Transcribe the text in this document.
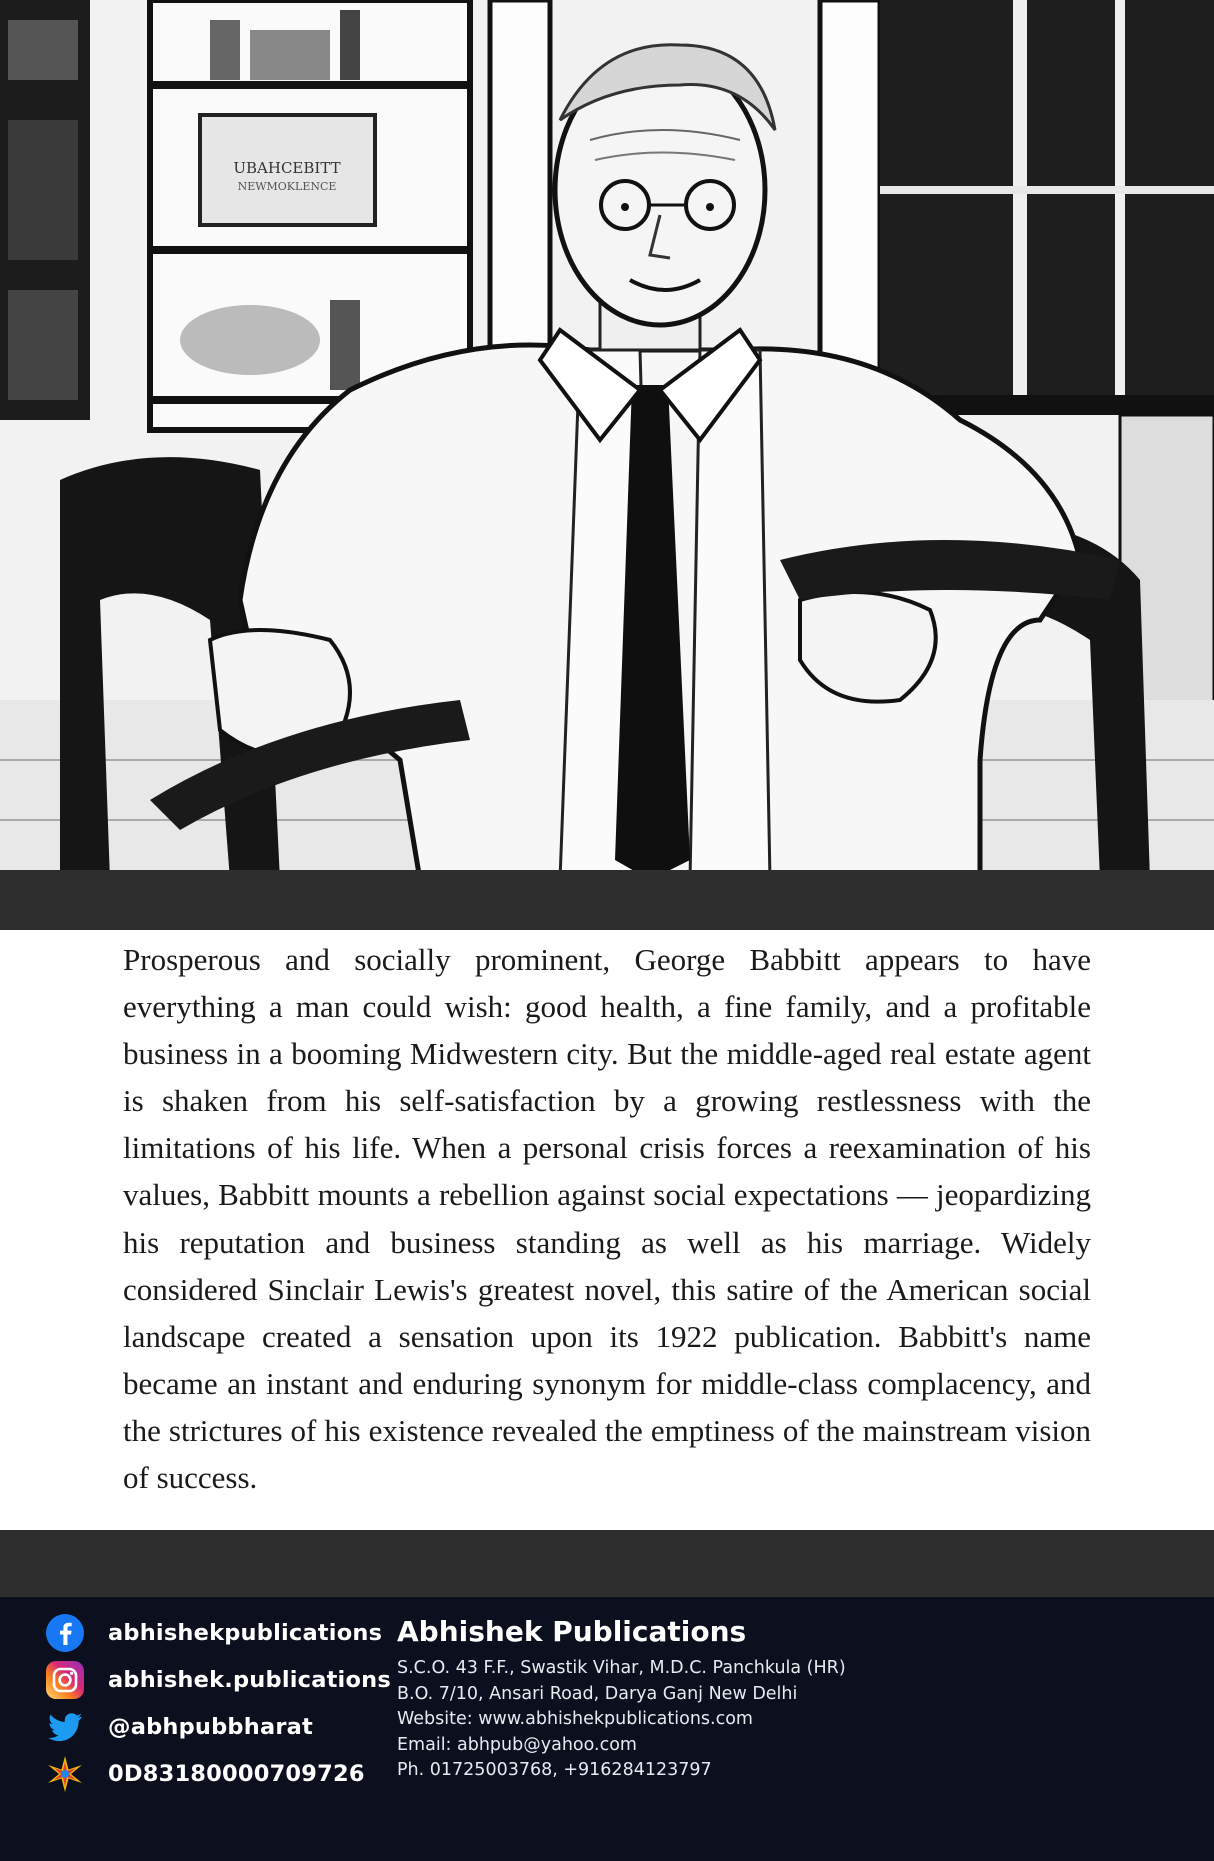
UBAHCEBITT
NEWMOKLENCE

Prosperous and socially prominent, George Babbitt appears to have everything a man could wish: good health, a fine family, and a profitable business in a booming Midwestern city. But the middle-aged real estate agent is shaken from his self-satisfaction by a growing restlessness with the limitations of his life. When a personal crisis forces a reexamination of his values, Babbitt mounts a rebellion against social expectations — jeopardizing his reputation and business standing as well as his marriage. Widely considered Sinclair Lewis's greatest novel, this satire of the American social landscape created a sensation upon its 1922 publication. Babbitt's name became an instant and enduring synonym for middle-class complacency, and the strictures of his existence revealed the emptiness of the mainstream vision of success.

abhishekpublications
abhishek.publications
@abhpubbharat
0D83180000709726
Abhishek Publications
S.C.O. 43 F.F., Swastik Vihar, M.D.C. Panchkula (HR)
B.O. 7/10, Ansari Road, Darya Ganj New Delhi
Website: www.abhishekpublications.com
Email: abhpub@yahoo.com
Ph. 01725003768, +916284123797
